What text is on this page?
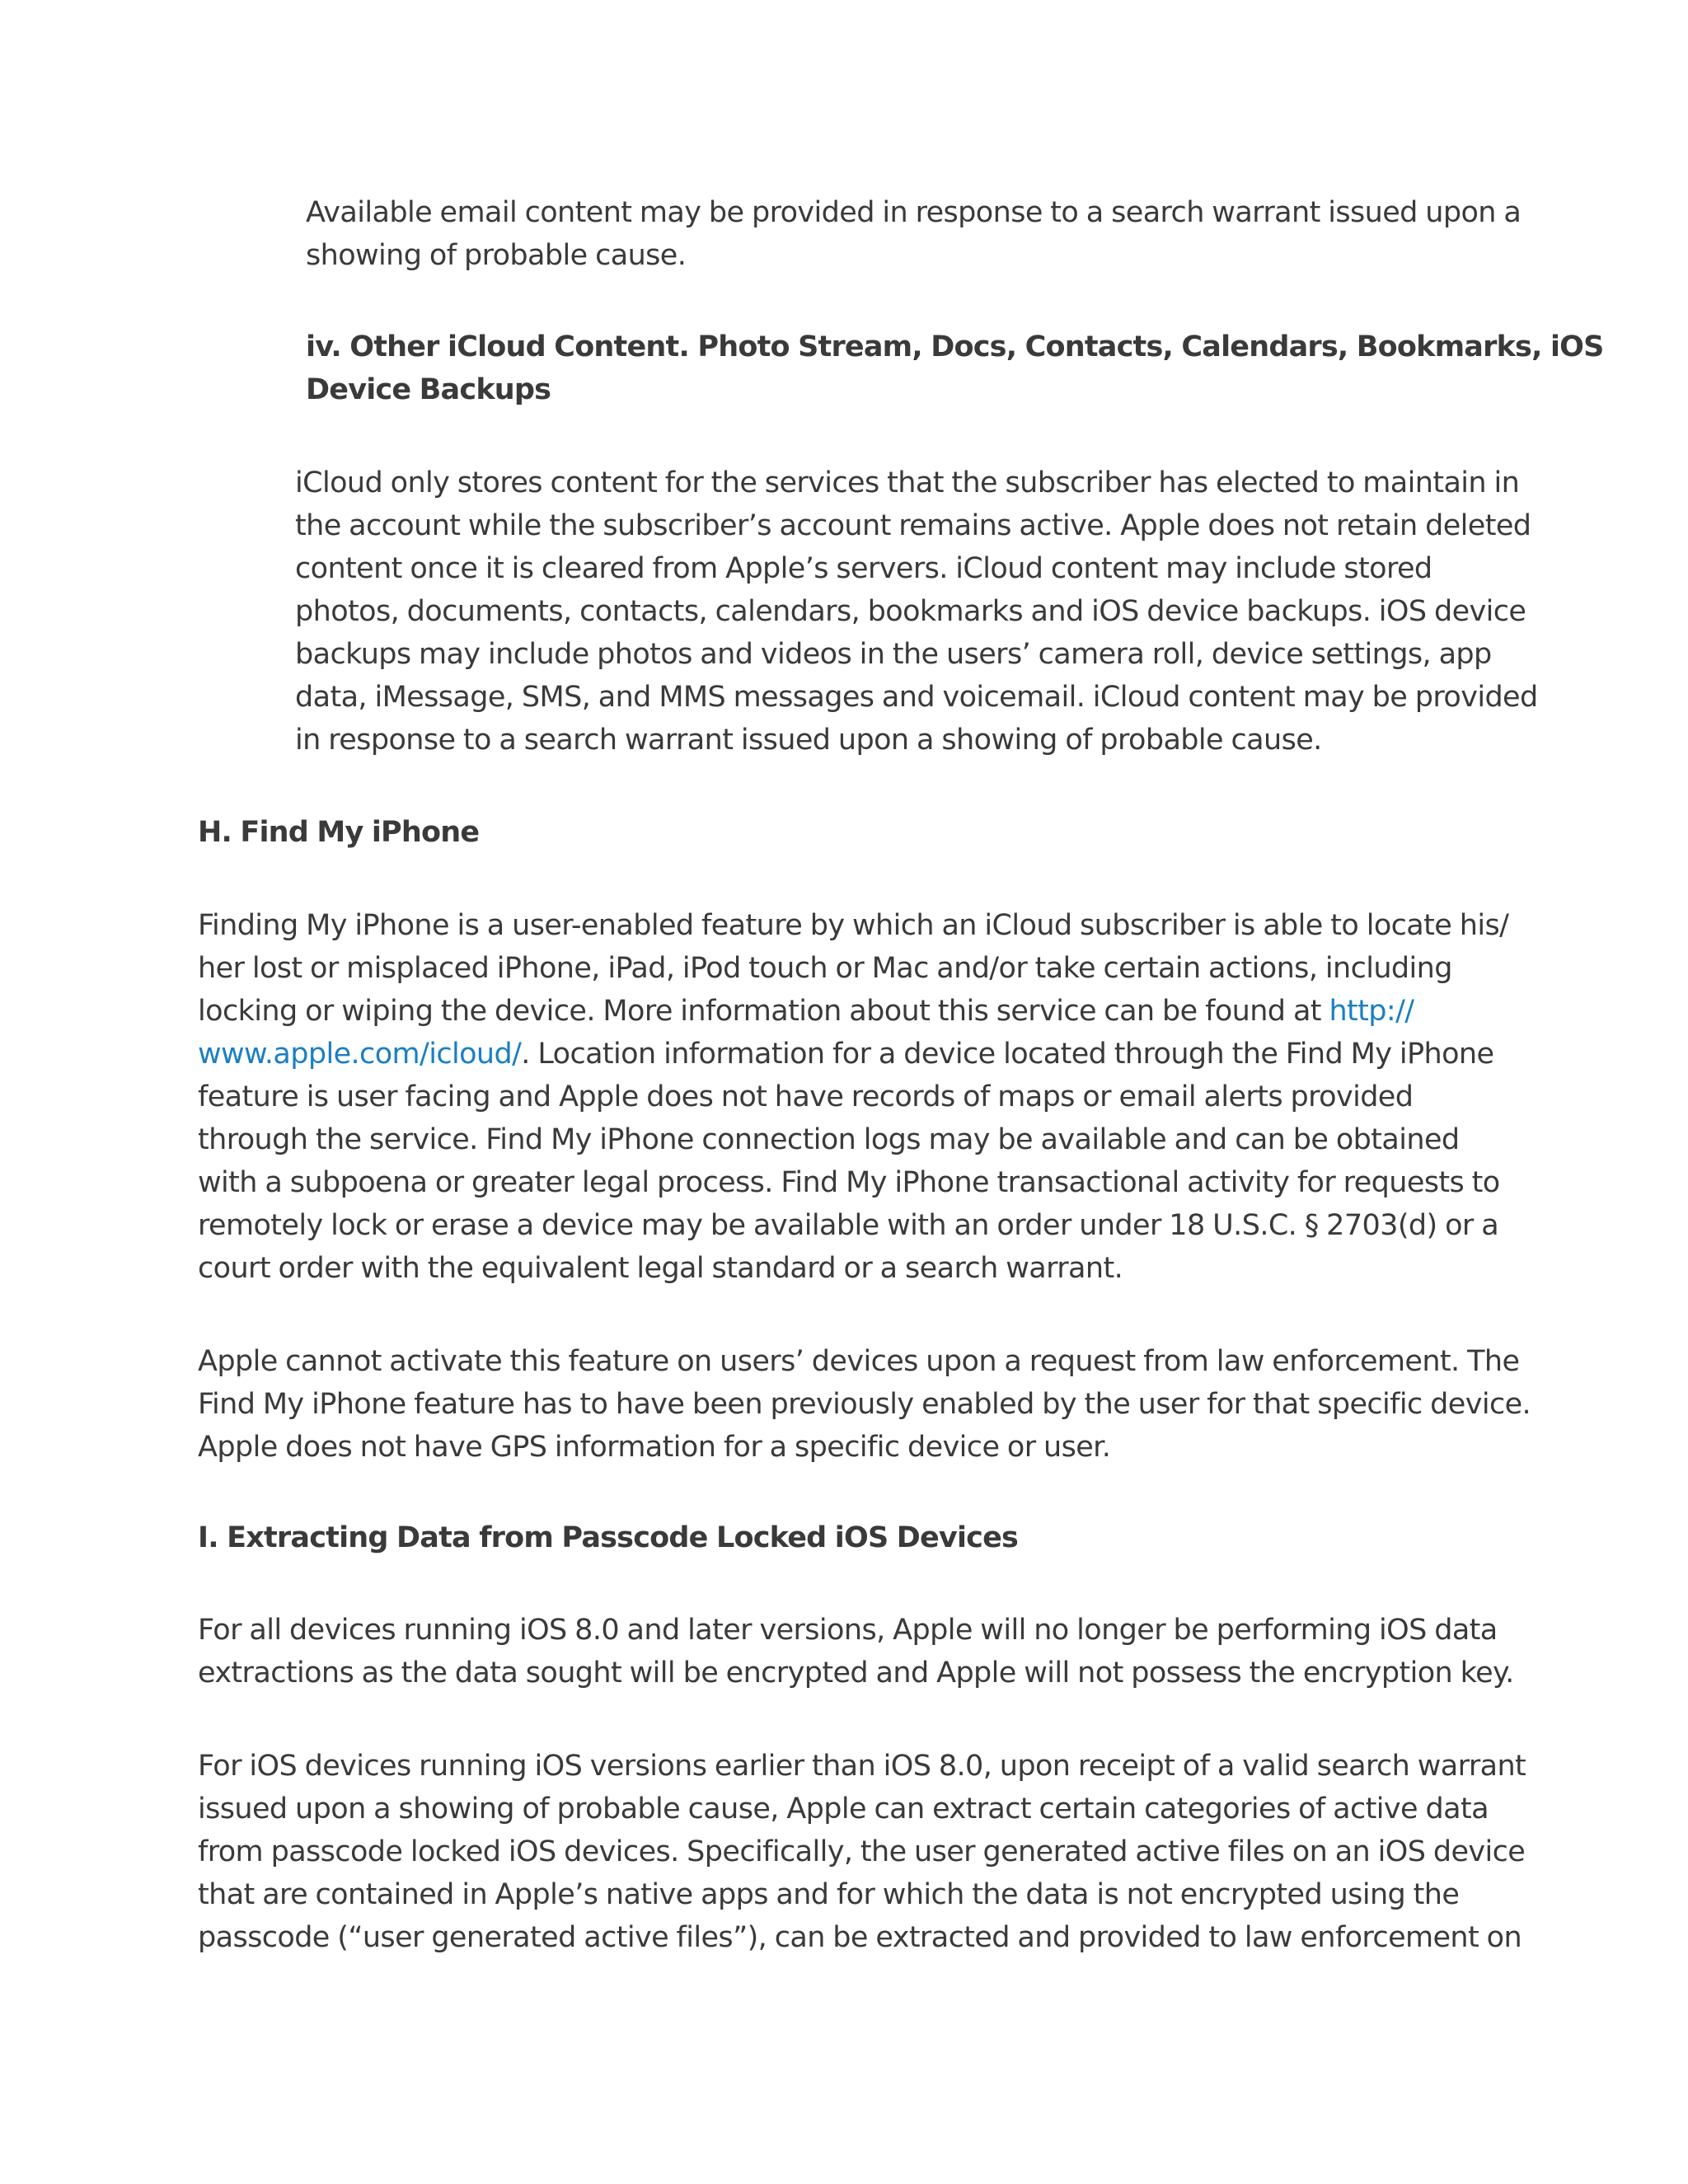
Available email content may be provided in response to a search warrant issued upon a
showing of probable cause.

iv. Other iCloud Content. Photo Stream, Docs, Contacts, Calendars, Bookmarks, iOS
Device Backups

iCloud only stores content for the services that the subscriber has elected to maintain in
the account while the subscriber’s account remains active. Apple does not retain deleted
content once it is cleared from Apple’s servers. iCloud content may include stored
photos, documents, contacts, calendars, bookmarks and iOS device backups. iOS device
backups may include photos and videos in the users’ camera roll, device settings, app
data, iMessage, SMS, and MMS messages and voicemail. iCloud content may be provided
in response to a search warrant issued upon a showing of probable cause.

H. Find My iPhone

Finding My iPhone is a user-enabled feature by which an iCloud subscriber is able to locate his/
her lost or misplaced iPhone, iPad, iPod touch or Mac and/or take certain actions, including
locking or wiping the device. More information about this service can be found at http://
www.apple.com/icloud/. Location information for a device located through the Find My iPhone
feature is user facing and Apple does not have records of maps or email alerts provided
through the service. Find My iPhone connection logs may be available and can be obtained
with a subpoena or greater legal process. Find My iPhone transactional activity for requests to
remotely lock or erase a device may be available with an order under 18 U.S.C. § 2703(d) or a
court order with the equivalent legal standard or a search warrant.

Apple cannot activate this feature on users’ devices upon a request from law enforcement. The
Find My iPhone feature has to have been previously enabled by the user for that specific device.
Apple does not have GPS information for a specific device or user.

I. Extracting Data from Passcode Locked iOS Devices

For all devices running iOS 8.0 and later versions, Apple will no longer be performing iOS data
extractions as the data sought will be encrypted and Apple will not possess the encryption key.

For iOS devices running iOS versions earlier than iOS 8.0, upon receipt of a valid search warrant
issued upon a showing of probable cause, Apple can extract certain categories of active data
from passcode locked iOS devices. Specifically, the user generated active files on an iOS device
that are contained in Apple’s native apps and for which the data is not encrypted using the
passcode (“user generated active files”), can be extracted and provided to law enforcement on
